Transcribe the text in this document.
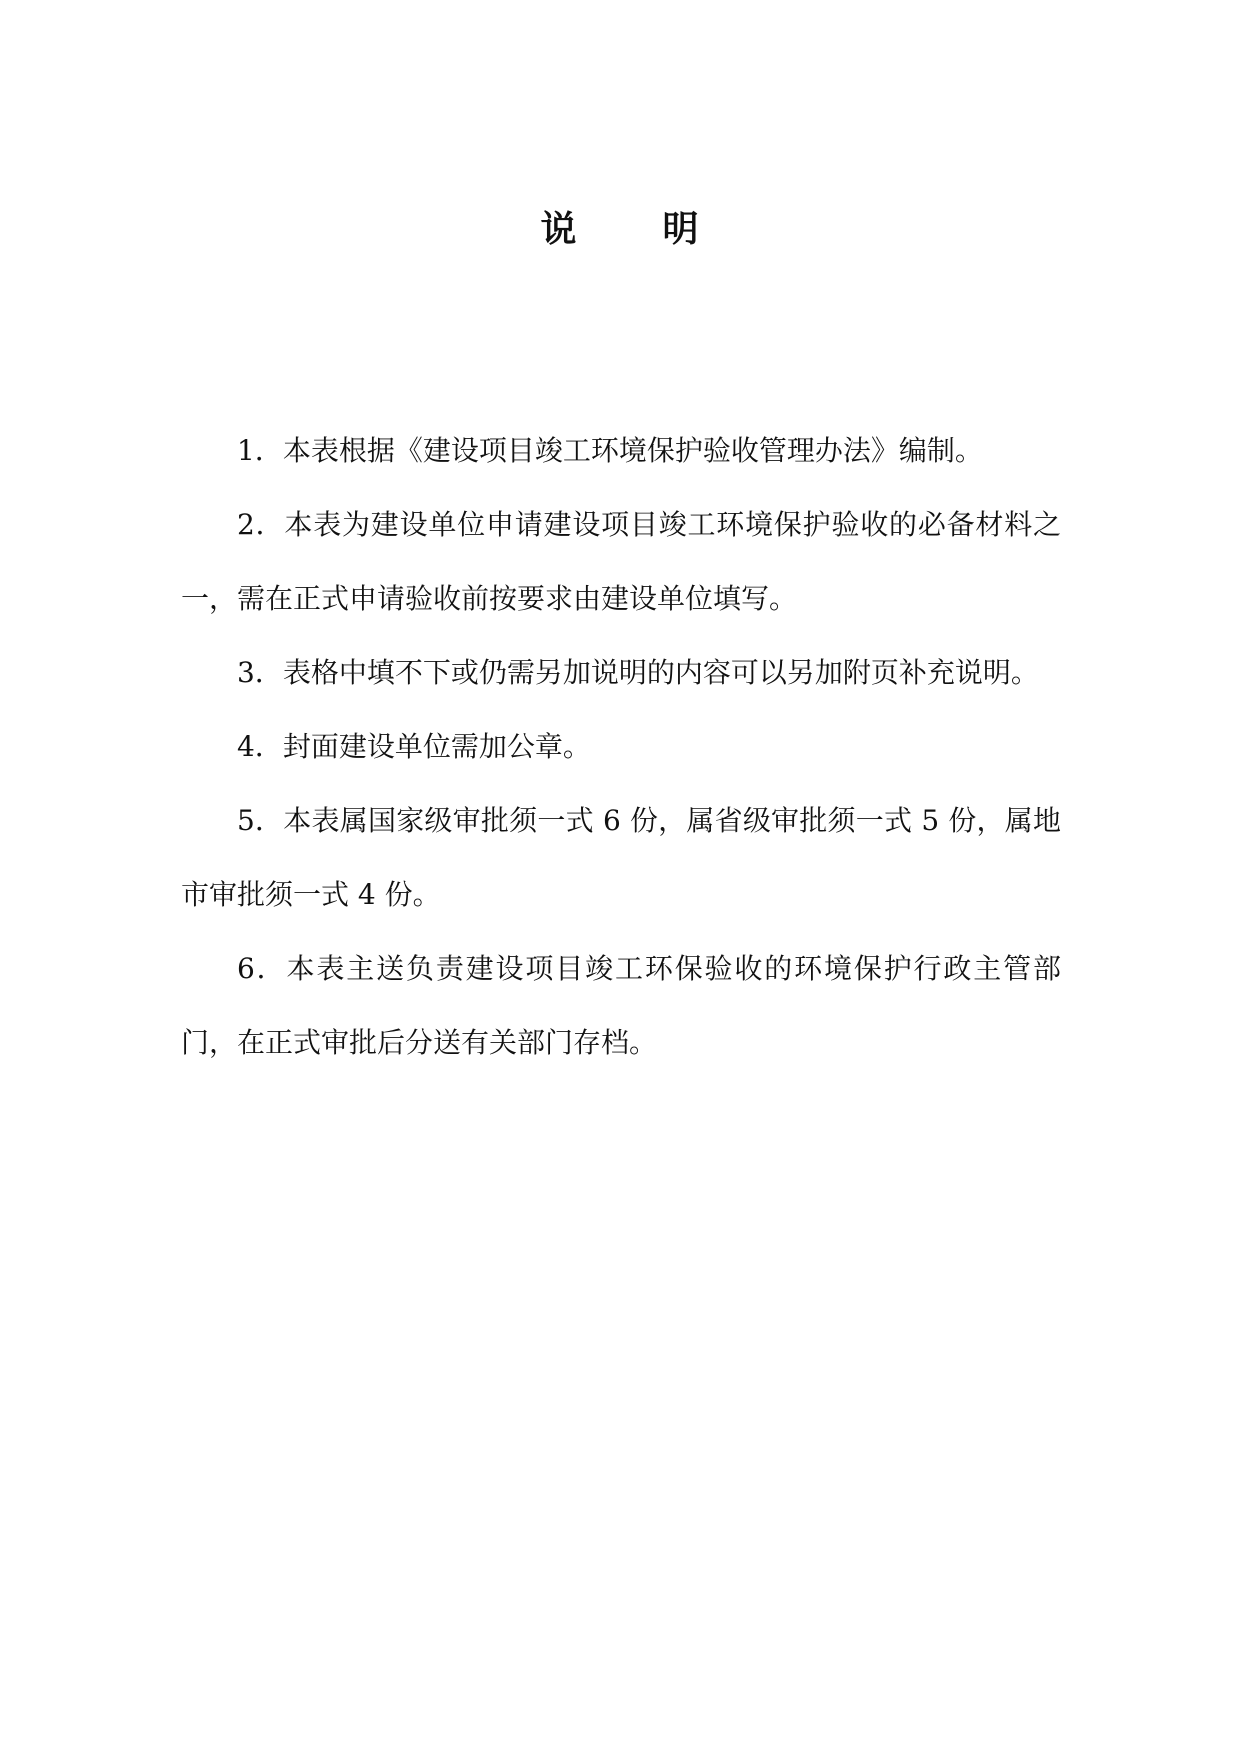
说 明

1．本表根据《建设项目竣工环境保护验收管理办法》编制。

2．本表为建设单位申请建设项目竣工环境保护验收的必备材料之一，需在正式申请验收前按要求由建设单位填写。

3．表格中填不下或仍需另加说明的内容可以另加附页补充说明。

4．封面建设单位需加公章。

5．本表属国家级审批须一式 6 份，属省级审批须一式 5 份，属地市审批须一式 4 份。

6．本表主送负责建设项目竣工环保验收的环境保护行政主管部门，在正式审批后分送有关部门存档。
